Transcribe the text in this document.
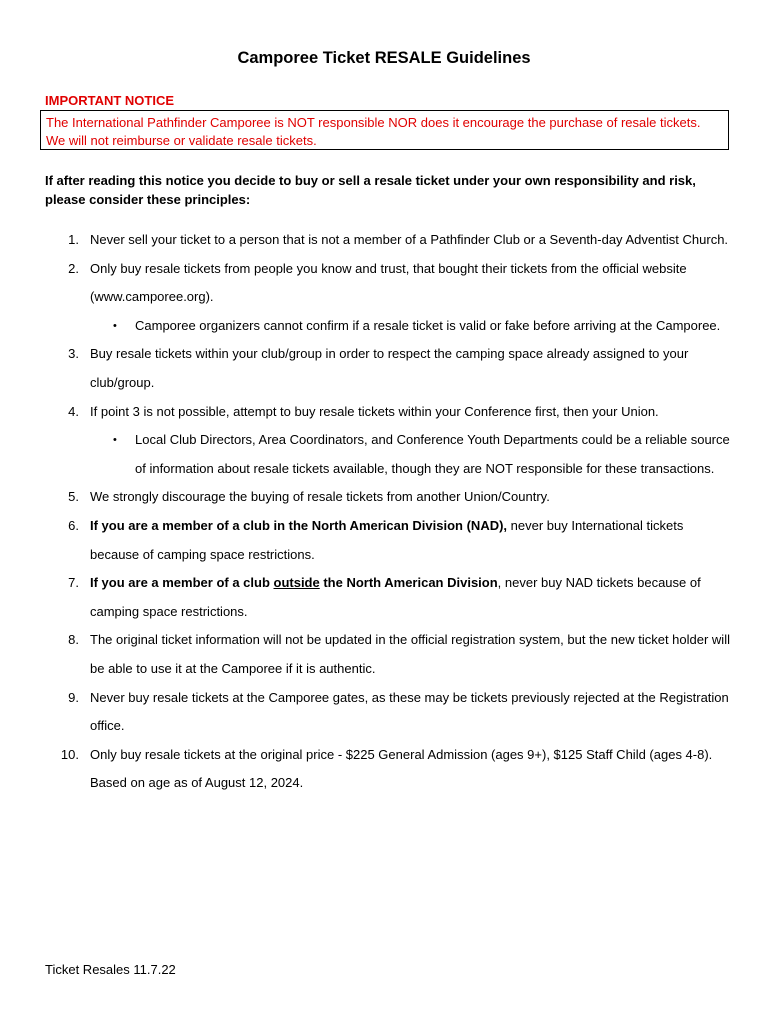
Camporee Ticket RESALE Guidelines
IMPORTANT NOTICE
The International Pathfinder Camporee is NOT responsible NOR does it encourage the purchase of resale tickets. We will not reimburse or validate resale tickets.
If after reading this notice you decide to buy or sell a resale ticket under your own responsibility and risk, please consider these principles:
1. Never sell your ticket to a person that is not a member of a Pathfinder Club or a Seventh-day Adventist Church.
2. Only buy resale tickets from people you know and trust, that bought their tickets from the official website (www.camporee.org).
• Camporee organizers cannot confirm if a resale ticket is valid or fake before arriving at the Camporee.
3. Buy resale tickets within your club/group in order to respect the camping space already assigned to your club/group.
4. If point 3 is not possible, attempt to buy resale tickets within your Conference first, then your Union.
• Local Club Directors, Area Coordinators, and Conference Youth Departments could be a reliable source of information about resale tickets available, though they are NOT responsible for these transactions.
5. We strongly discourage the buying of resale tickets from another Union/Country.
6. If you are a member of a club in the North American Division (NAD), never buy International tickets because of camping space restrictions.
7. If you are a member of a club outside the North American Division, never buy NAD tickets because of camping space restrictions.
8. The original ticket information will not be updated in the official registration system, but the new ticket holder will be able to use it at the Camporee if it is authentic.
9. Never buy resale tickets at the Camporee gates, as these may be tickets previously rejected at the Registration office.
10. Only buy resale tickets at the original price - $225 General Admission (ages 9+), $125 Staff Child (ages 4-8). Based on age as of August 12, 2024.
Ticket Resales 11.7.22
